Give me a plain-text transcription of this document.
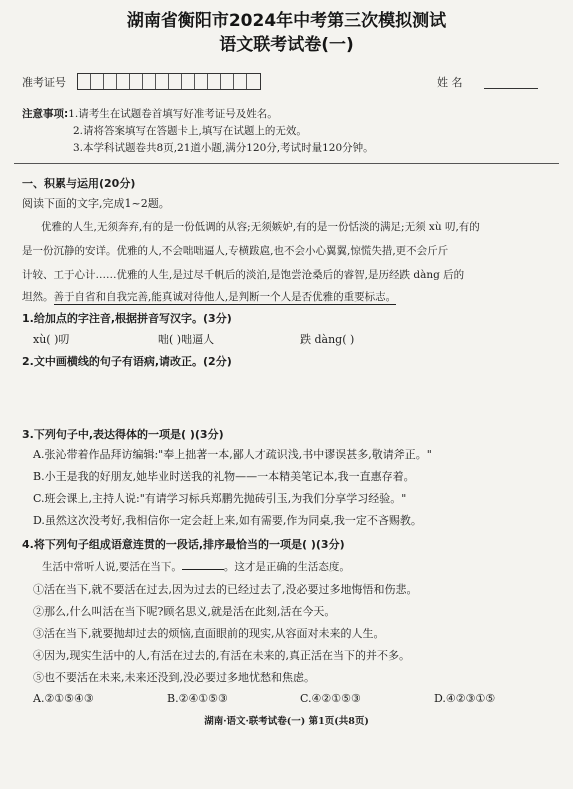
湖南省衡阳市2024年中考第三次模拟测试
语文联考试卷(一)
准考证号	姓 名
注意事项:1.请考生在试题卷首填写好准考证号及姓名。
2.请将答案填写在答题卡上,填写在试题上的无效。
3.本学科试题卷共8页,21道小题,满分120分,考试时量120分钟。
一、积累与运用(20分)
阅读下面的文字,完成1~2题。
优雅的人生,无须奔弃,有的是一份低调的从容;无须嫉妒,有的是一份恬淡的满足;无须 xù 叨,有的
是一份沉静的安详。优雅的人,不会咄咄逼人,专横跋扈,也不会小心翼翼,惊慌失措,更不会斤斤
计较、工于心计……优雅的人生,是过尽千帆后的淡泊,是饱尝沧桑后的睿智,是历经跌 dàng 后的
坦然。善于自省和自我完善,能真诚对待他人,是判断一个人是否优雅的重要标志。
1.给加点的字注音,根据拼音写汉字。(3分)
xù( )叨	咄( )咄逼人	跌 dàng( )
2.文中画横线的句子有语病,请改正。(2分)
3.下列句子中,表达得体的一项是( )(3分)
A.张沁带着作品拜访编辑:"奉上拙著一本,鄙人才疏识浅,书中谬误甚多,敬请斧正。"
B.小王是我的好朋友,她毕业时送我的礼物——一本精美笔记本,我一直惠存着。
C.班会课上,主持人说:"有请学习标兵郑鹏先抛砖引玉,为我们分享学习经验。"
D.虽然这次没考好,我相信你一定会赶上来,如有需要,作为同桌,我一定不吝赐教。
4.将下列句子组成语意连贯的一段话,排序最恰当的一项是( )(3分)
生活中常听人说,要活在当下。	。这才是正确的生活态度。
①活在当下,就不要活在过去,因为过去的已经过去了,没必要过多地悔悟和伤悲。
②那么,什么叫活在当下呢?顾名思义,就是活在此刻,活在今天。
③活在当下,就要抛却过去的烦恼,直面眼前的现实,从容面对未来的人生。
④因为,现实生活中的人,有活在过去的,有活在未来的,真正活在当下的并不多。
⑤也不要活在未来,未来还没到,没必要过多地忧愁和焦虑。
A.②①⑤④③	B.②④①⑤③	C.④②①⑤③	D.④②③①⑤
湖南·语文·联考试卷(一) 第1页(共8页)
